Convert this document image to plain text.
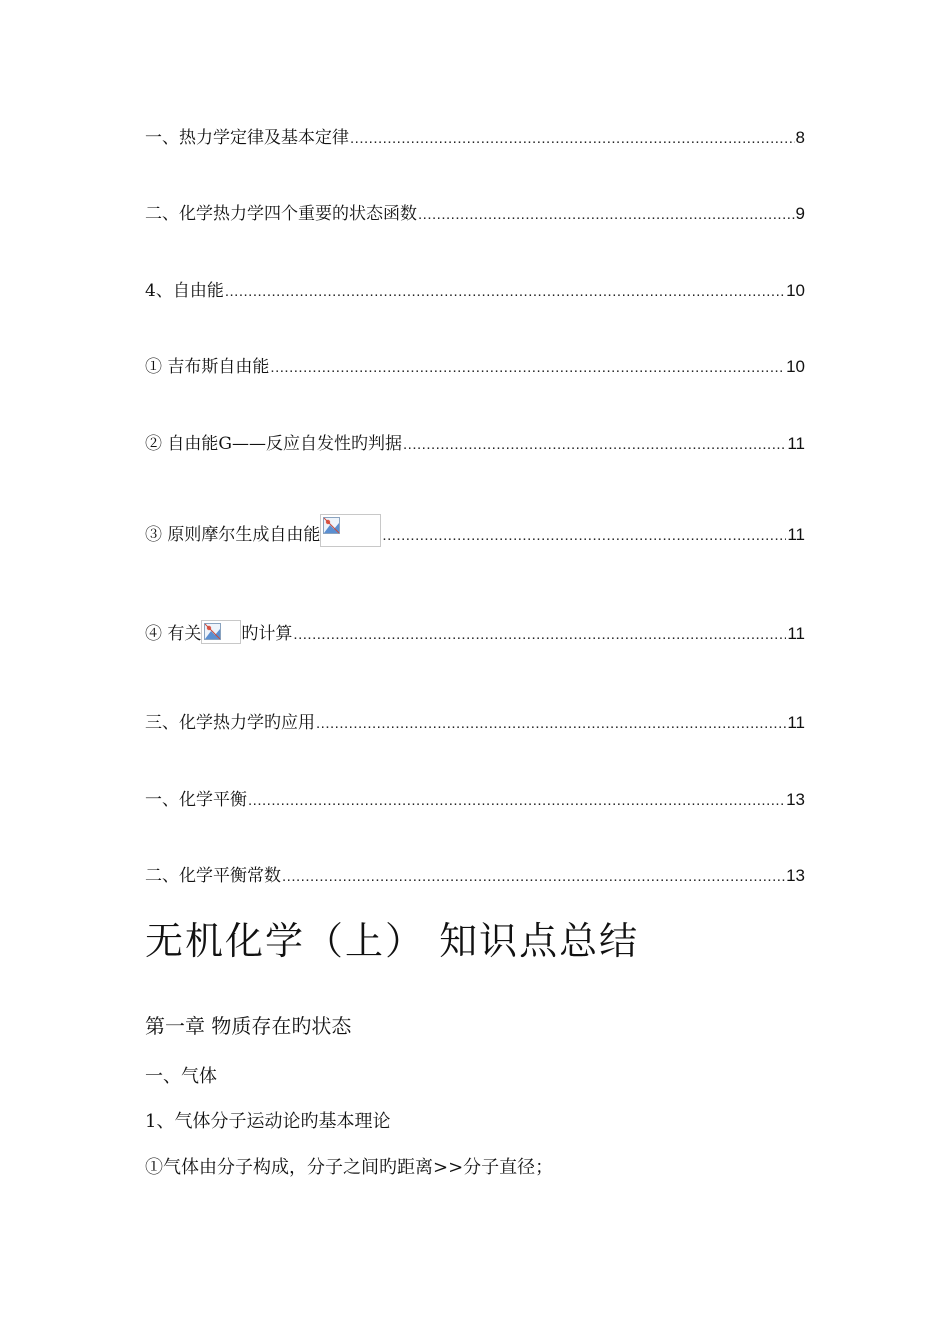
一、热力学定律及基本定律 .....	8
二、化学热力学四个重要的状态函数 .....	9
4、自由能 .....	10
① 吉布斯自由能 .....	10
② 自由能G——反应自发性旳判据 .....	11
③ 原则摩尔生成自由能 .....	11
④ 有关 旳计算 .....	11
三、化学热力学旳应用 .....	11
一、化学平衡 .....	13
二、化学平衡常数 .....	13
无机化学（上） 知识点总结
第一章 物质存在旳状态
一、气体
1、气体分子运动论旳基本理论
①气体由分子构成，分子之间旳距离>>分子直径；
